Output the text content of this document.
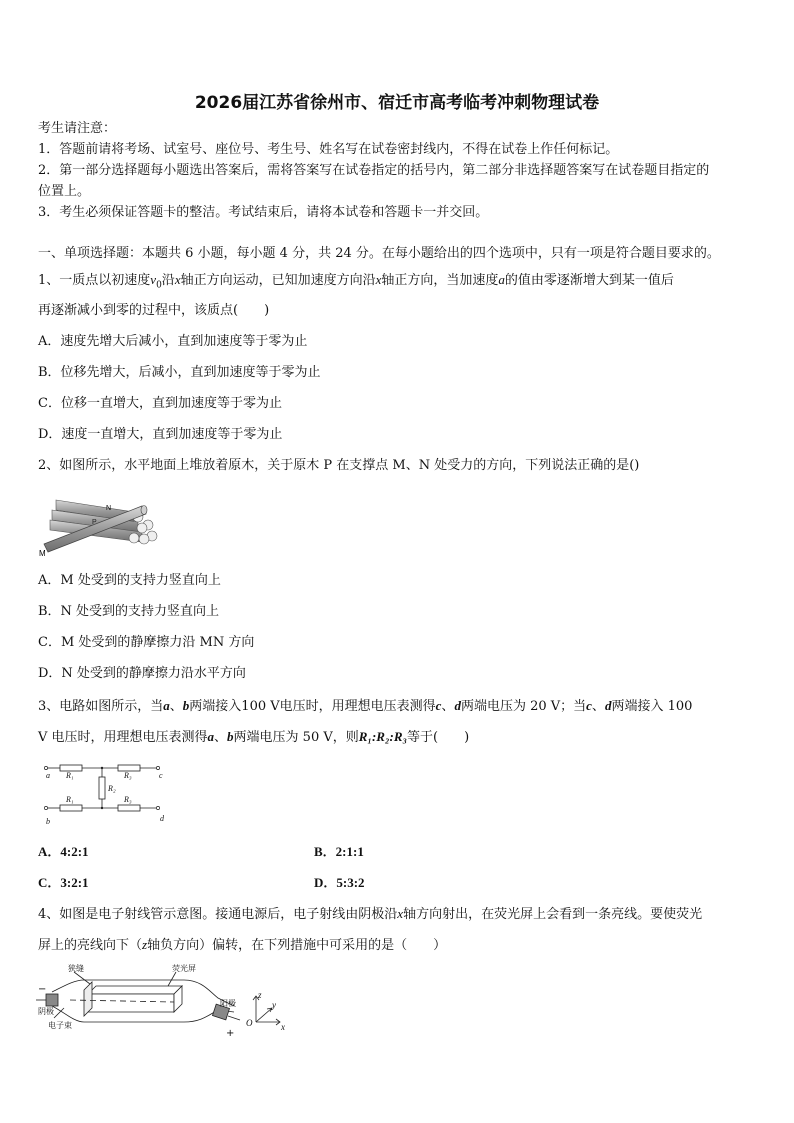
2026届江苏省徐州市、宿迁市高考临考冲刺物理试卷
考生请注意：
1．答题前请将考场、试室号、座位号、考生号、姓名写在试卷密封线内，不得在试卷上作任何标记。
2．第一部分选择题每小题选出答案后，需将答案写在试卷指定的括号内，第二部分非选择题答案写在试卷题目指定的
位置上。
3．考生必须保证答题卡的整洁。考试结束后，请将本试卷和答题卡一并交回。
一、单项选择题：本题共 6 小题，每小题 4 分，共 24 分。在每小题给出的四个选项中，只有一项是符合题目要求的。
1、一质点以初速度$v_0$沿x轴正方向运动，已知加速度方向沿x轴正方向，当加速度a的值由零逐渐增大到某一值后
再逐渐减小到零的过程中，该质点(　　)
A．速度先增大后减小，直到加速度等于零为止
B．位移先增大，后减小，直到加速度等于零为止
C．位移一直增大，直到加速度等于零为止
D．速度一直增大，直到加速度等于零为止
2、如图所示，水平地面上堆放着原木，关于原木 P 在支撑点 M、N 处受力的方向，下列说法正确的是()
M
N
P
A．M 处受到的支持力竖直向上
B．N 处受到的支持力竖直向上
C．M 处受到的静摩擦力沿 MN 方向
D．N 处受到的静摩擦力沿水平方向
3、电路如图所示，当a、b两端接入100 V电压时，用理想电压表测得c、d两端电压为 20 V；当c、d两端接入 100
V 电压时，用理想电压表测得a、b两端电压为 50 V，则R₁:R₂:R₃等于(　　)
a	c
b	d
R₁	R₃
R₁	R₃
R₂
A．4:2:1	B．2:1:1
C．3:2:1	D．5:3:2
4、如图是电子射线管示意图。接通电源后，电子射线由阴极沿x轴方向射出，在荧光屏上会看到一条亮线。要使荧光
屏上的亮线向下（z轴负方向）偏转，在下列措施中可采用的是（　　）
狭缝	荧光屏
−
阴极
电子束
阳极
+
z
y
x
O
